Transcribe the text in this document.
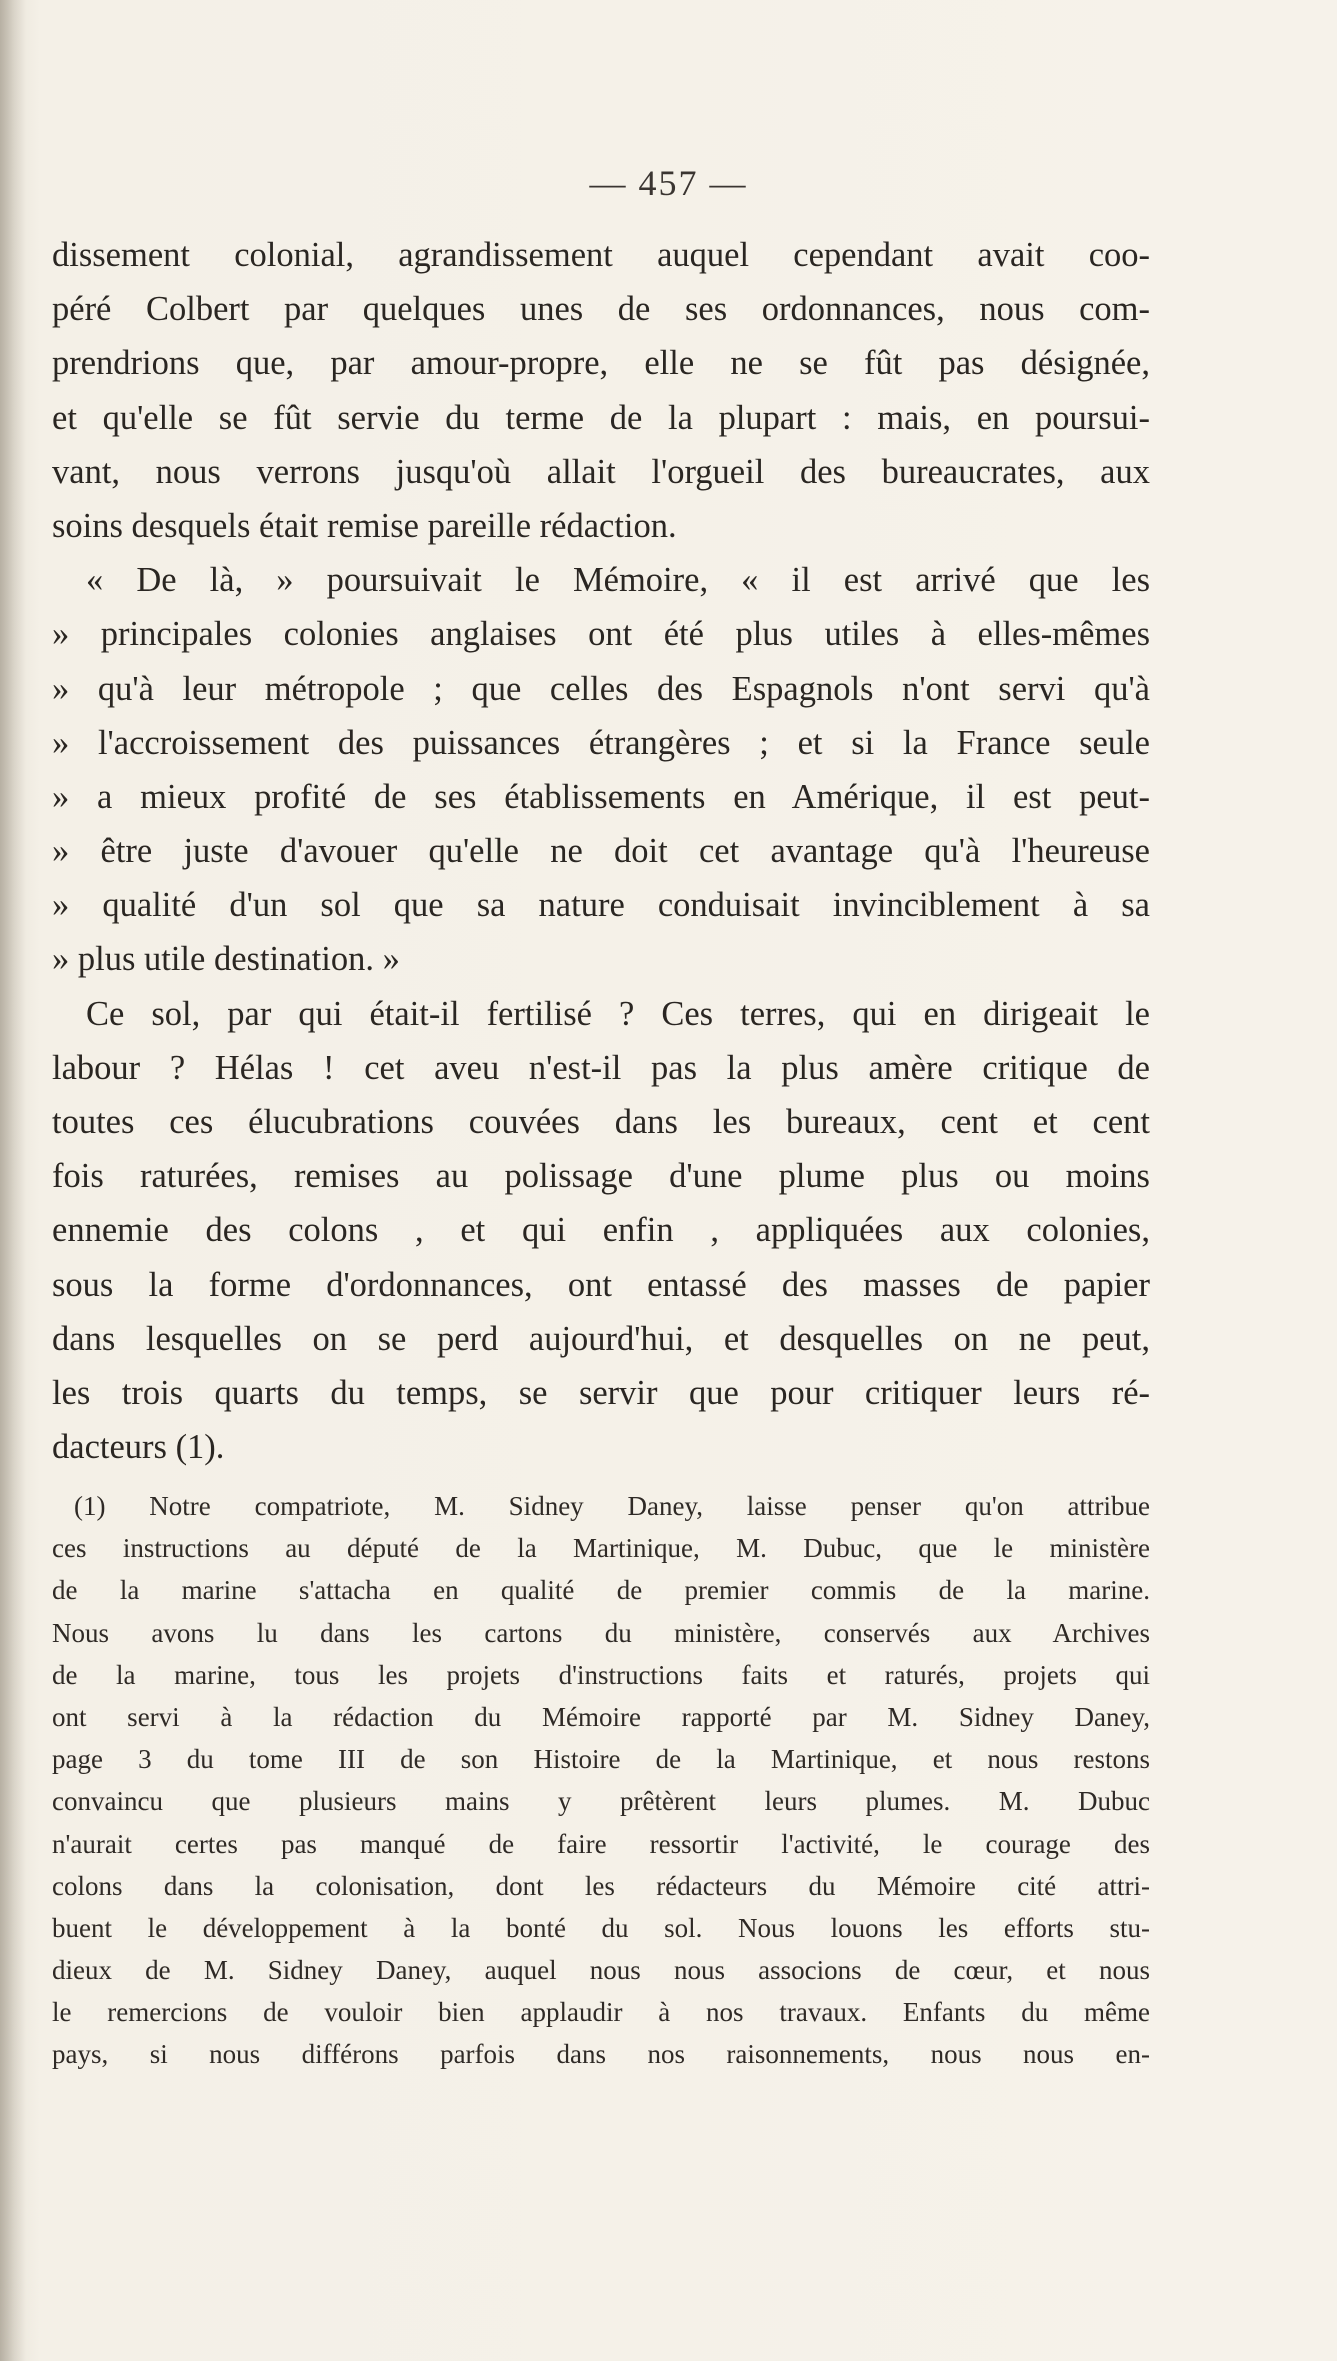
— 457 —
dissement colonial, agrandissement auquel cependant avait coo-
péré Colbert par quelques unes de ses ordonnances, nous com-
prendrions que, par amour-propre, elle ne se fût pas désignée,
et qu'elle se fût servie du terme de la plupart : mais, en poursui-
vant, nous verrons jusqu'où allait l'orgueil des bureaucrates, aux
soins desquels était remise pareille rédaction.
« De là, » poursuivait le Mémoire, « il est arrivé que les
» principales colonies anglaises ont été plus utiles à elles-mêmes
» qu'à leur métropole ; que celles des Espagnols n'ont servi qu'à
» l'accroissement des puissances étrangères ; et si la France seule
» a mieux profité de ses établissements en Amérique, il est peut-
» être juste d'avouer qu'elle ne doit cet avantage qu'à l'heureuse
» qualité d'un sol que sa nature conduisait invinciblement à sa
» plus utile destination. »
Ce sol, par qui était-il fertilisé ? Ces terres, qui en dirigeait le
labour ? Hélas ! cet aveu n'est-il pas la plus amère critique de
toutes ces élucubrations couvées dans les bureaux, cent et cent
fois raturées, remises au polissage d'une plume plus ou moins
ennemie des colons , et qui enfin , appliquées aux colonies,
sous la forme d'ordonnances, ont entassé des masses de papier
dans lesquelles on se perd aujourd'hui, et desquelles on ne peut,
les trois quarts du temps, se servir que pour critiquer leurs ré-
dacteurs (1).
(1) Notre compatriote, M. Sidney Daney, laisse penser qu'on attribue
ces instructions au député de la Martinique, M. Dubuc, que le ministère
de la marine s'attacha en qualité de premier commis de la marine.
Nous avons lu dans les cartons du ministère, conservés aux Archives
de la marine, tous les projets d'instructions faits et raturés, projets qui
ont servi à la rédaction du Mémoire rapporté par M. Sidney Daney,
page 3 du tome III de son Histoire de la Martinique, et nous restons
convaincu que plusieurs mains y prêtèrent leurs plumes. M. Dubuc
n'aurait certes pas manqué de faire ressortir l'activité, le courage des
colons dans la colonisation, dont les rédacteurs du Mémoire cité attri-
buent le développement à la bonté du sol. Nous louons les efforts stu-
dieux de M. Sidney Daney, auquel nous nous associons de cœur, et nous
le remercions de vouloir bien applaudir à nos travaux. Enfants du même
pays, si nous différons parfois dans nos raisonnements, nous nous en-
